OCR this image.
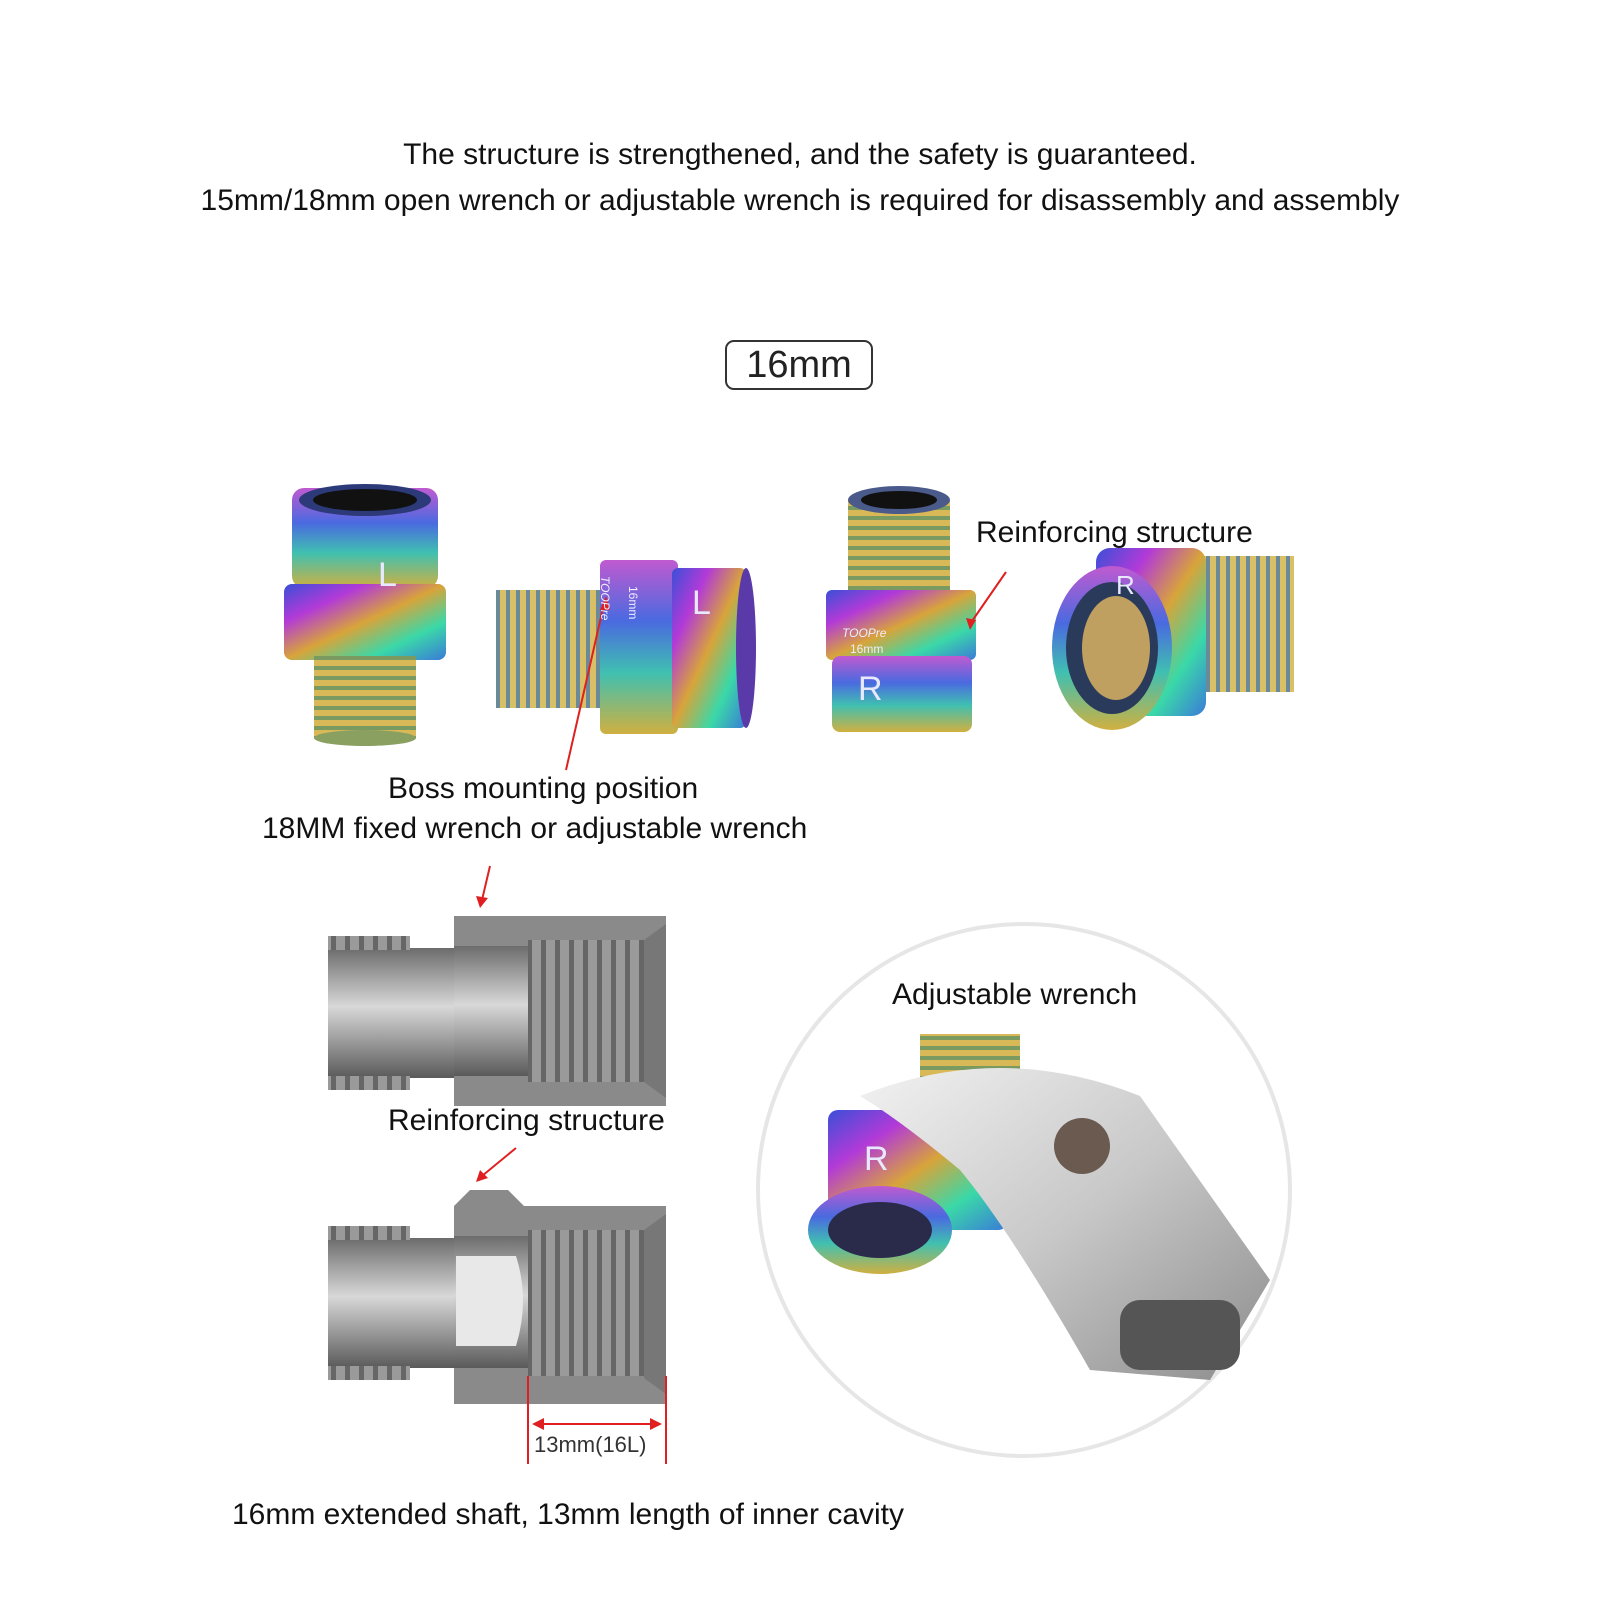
The structure is strengthened, and the safety is guaranteed.
15mm/18mm open wrench or adjustable wrench is required for disassembly and assembly
16mm
L
L
TOOPre 16mm
TOOPre
16mm
R
R
R
Reinforcing structure
Boss mounting position
18MM fixed wrench or adjustable wrench
Reinforcing structure
13mm(16L)
16mm extended shaft, 13mm length of inner cavity
Adjustable wrench
